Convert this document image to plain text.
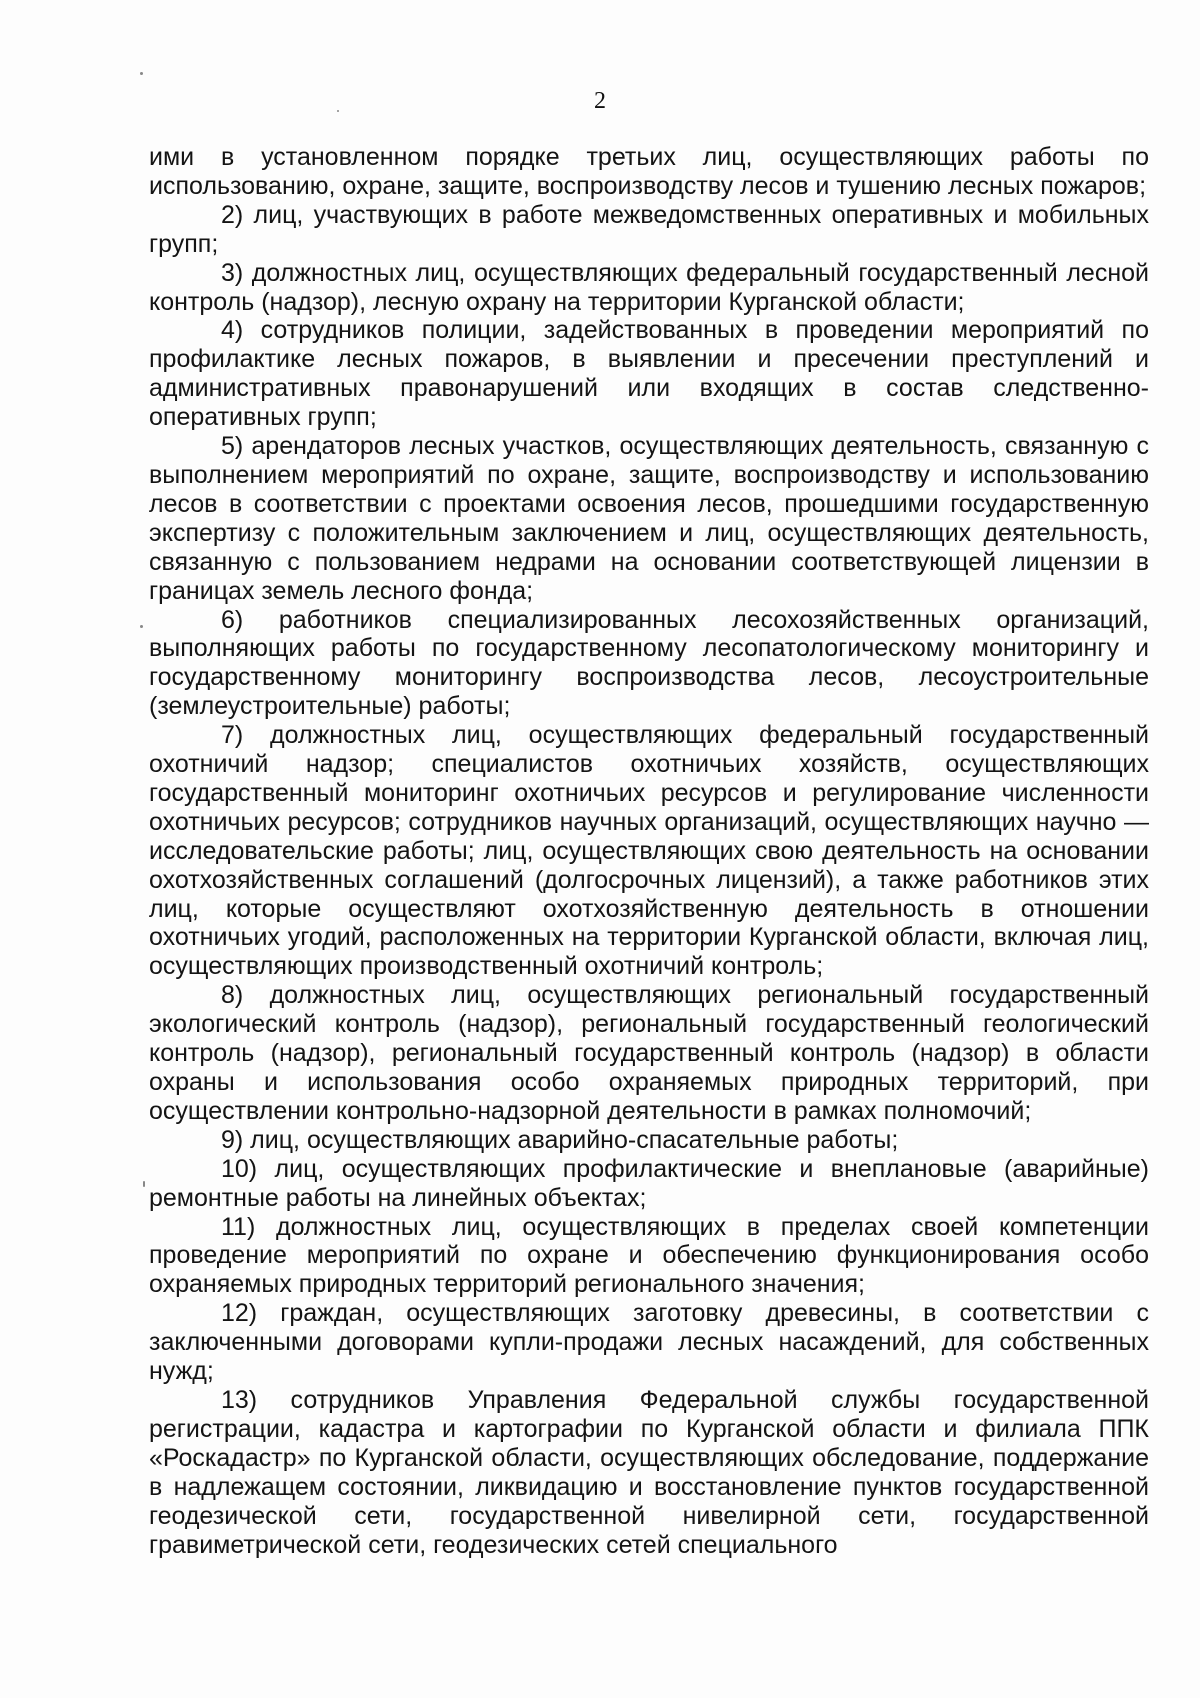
2

ими в установленном порядке третьих лиц, осуществляющих работы по использованию, охране, защите, воспроизводству лесов и тушению лесных пожаров;

2) лиц, участвующих в работе межведомственных оперативных и мобильных групп;

3) должностных лиц, осуществляющих федеральный государственный лесной контроль (надзор), лесную охрану на территории Курганской области;

4) сотрудников полиции, задействованных в проведении мероприятий по профилактике лесных пожаров, в выявлении и пресечении преступлений и административных правонарушений или входящих в состав следственно-оперативных групп;

5) арендаторов лесных участков, осуществляющих деятельность, связанную с выполнением мероприятий по охране, защите, воспроизводству и использованию лесов в соответствии с проектами освоения лесов, прошедшими государственную экспертизу с положительным заключением и лиц, осуществляющих деятельность, связанную с пользованием недрами на основании соответствующей лицензии в границах земель лесного фонда;

6) работников специализированных лесохозяйственных организаций, выполняющих работы по государственному лесопатологическому мониторингу и государственному мониторингу воспроизводства лесов, лесоустроительные (землеустроительные) работы;

7) должностных лиц, осуществляющих федеральный государственный охотничий надзор; специалистов охотничьих хозяйств, осуществляющих государственный мониторинг охотничьих ресурсов и регулирование численности охотничьих ресурсов; сотрудников научных организаций, осуществляющих научно — исследовательские работы; лиц, осуществляющих свою деятельность на основании охотхозяйственных соглашений (долгосрочных лицензий), а также работников этих лиц, которые осуществляют охотхозяйственную деятельность в отношении охотничьих угодий, расположенных на территории Курганской области, включая лиц, осуществляющих производственный охотничий контроль;

8) должностных лиц, осуществляющих региональный государственный экологический контроль (надзор), региональный государственный геологический контроль (надзор), региональный государственный контроль (надзор) в области охраны и использования особо охраняемых природных территорий, при осуществлении контрольно-надзорной деятельности в рамках полномочий;

9) лиц, осуществляющих аварийно-спасательные работы;

10) лиц, осуществляющих профилактические и внеплановые (аварийные) ремонтные работы на линейных объектах;

11) должностных лиц, осуществляющих в пределах своей компетенции проведение мероприятий по охране и обеспечению функционирования особо охраняемых природных территорий регионального значения;

12) граждан, осуществляющих заготовку древесины, в соответствии с заключенными договорами купли-продажи лесных насаждений, для собственных нужд;

13) сотрудников Управления Федеральной службы государственной регистрации, кадастра и картографии по Курганской области и филиала ППК «Роскадастр» по Курганской области, осуществляющих обследование, поддержание в надлежащем состоянии, ликвидацию и восстановление пунктов государственной геодезической сети, государственной нивелирной сети, государственной гравиметрической сети, геодезических сетей специального
